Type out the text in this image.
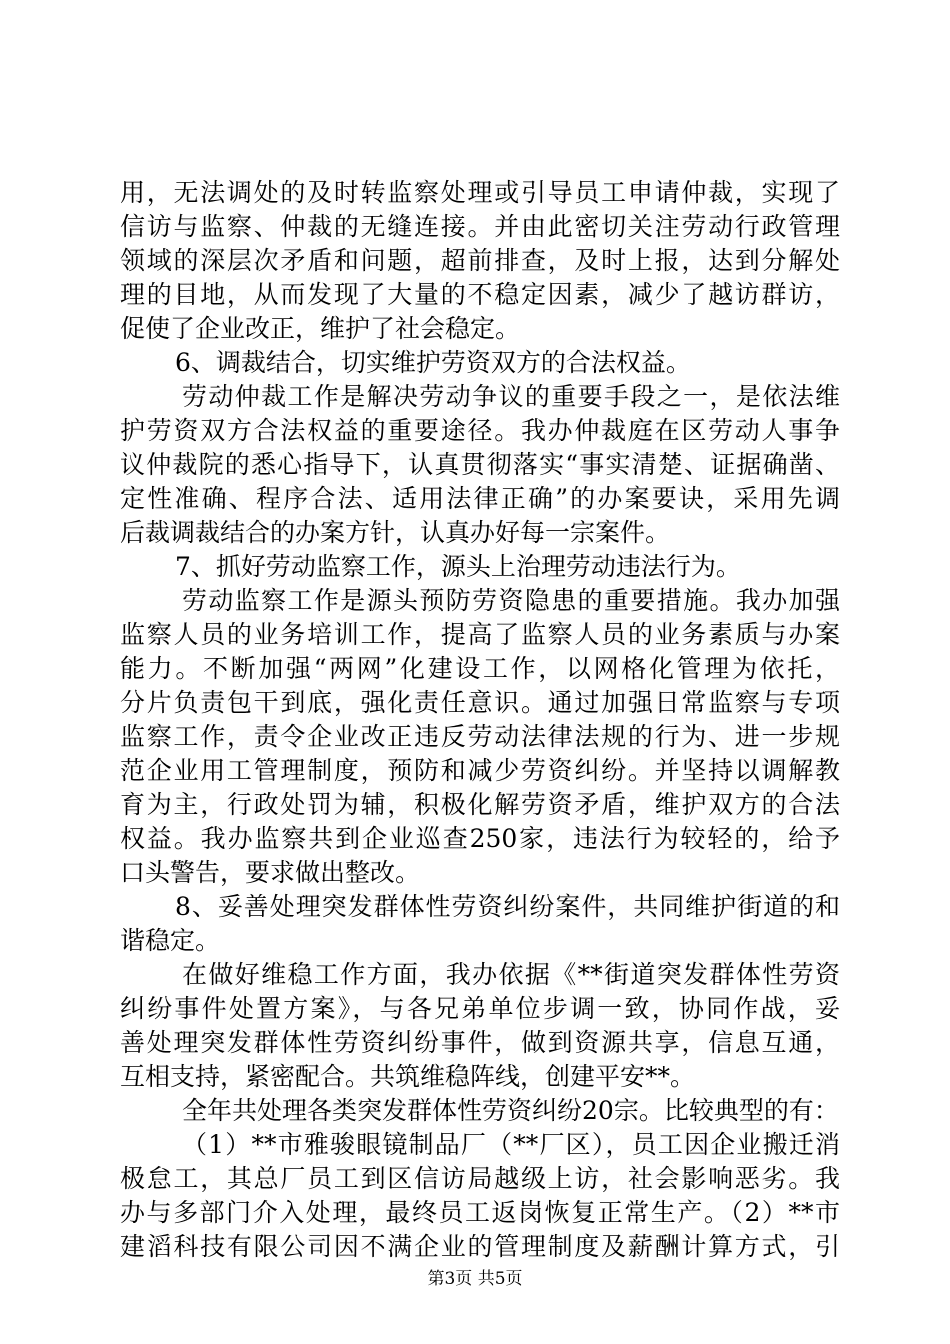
用，无法调处的及时转监察处理或引导员工申请仲裁，实现了
信访与监察、仲裁的无缝连接。并由此密切关注劳动行政管理
领域的深层次矛盾和问题，超前排查，及时上报，达到分解处
理的目地，从而发现了大量的不稳定因素，减少了越访群访，
促使了企业改正，维护了社会稳定。
6、调裁结合，切实维护劳资双方的合法权益。
劳动仲裁工作是解决劳动争议的重要手段之一，是依法维
护劳资双方合法权益的重要途径。我办仲裁庭在区劳动人事争
议仲裁院的悉心指导下，认真贯彻落实“事实清楚、证据确凿、
定性准确、程序合法、适用法律正确”的办案要诀，采用先调
后裁调裁结合的办案方针，认真办好每一宗案件。
7、抓好劳动监察工作，源头上治理劳动违法行为。
劳动监察工作是源头预防劳资隐患的重要措施。我办加强
监察人员的业务培训工作，提高了监察人员的业务素质与办案
能力。不断加强“两网”化建设工作，以网格化管理为依托，
分片负责包干到底，强化责任意识。通过加强日常监察与专项
监察工作，责令企业改正违反劳动法律法规的行为、进一步规
范企业用工管理制度，预防和减少劳资纠纷。并坚持以调解教
育为主，行政处罚为辅，积极化解劳资矛盾，维护双方的合法
权益。我办监察共到企业巡查250家，违法行为较轻的，给予
口头警告，要求做出整改。
8、妥善处理突发群体性劳资纠纷案件，共同维护街道的和
谐稳定。
在做好维稳工作方面，我办依据《**街道突发群体性劳资
纠纷事件处置方案》，与各兄弟单位步调一致，协同作战，妥
善处理突发群体性劳资纠纷事件，做到资源共享，信息互通，
互相支持，紧密配合。共筑维稳阵线，创建平安**。
全年共处理各类突发群体性劳资纠纷20宗。比较典型的有：
（1）**市雅骏眼镜制品厂（**厂区），员工因企业搬迁消
极怠工，其总厂员工到区信访局越级上访，社会影响恶劣。我
办与多部门介入处理，最终员工返岗恢复正常生产。（2）**市
第3页 共5页
建滔科技有限公司因不满企业的管理制度及薪酬计算方式，引
